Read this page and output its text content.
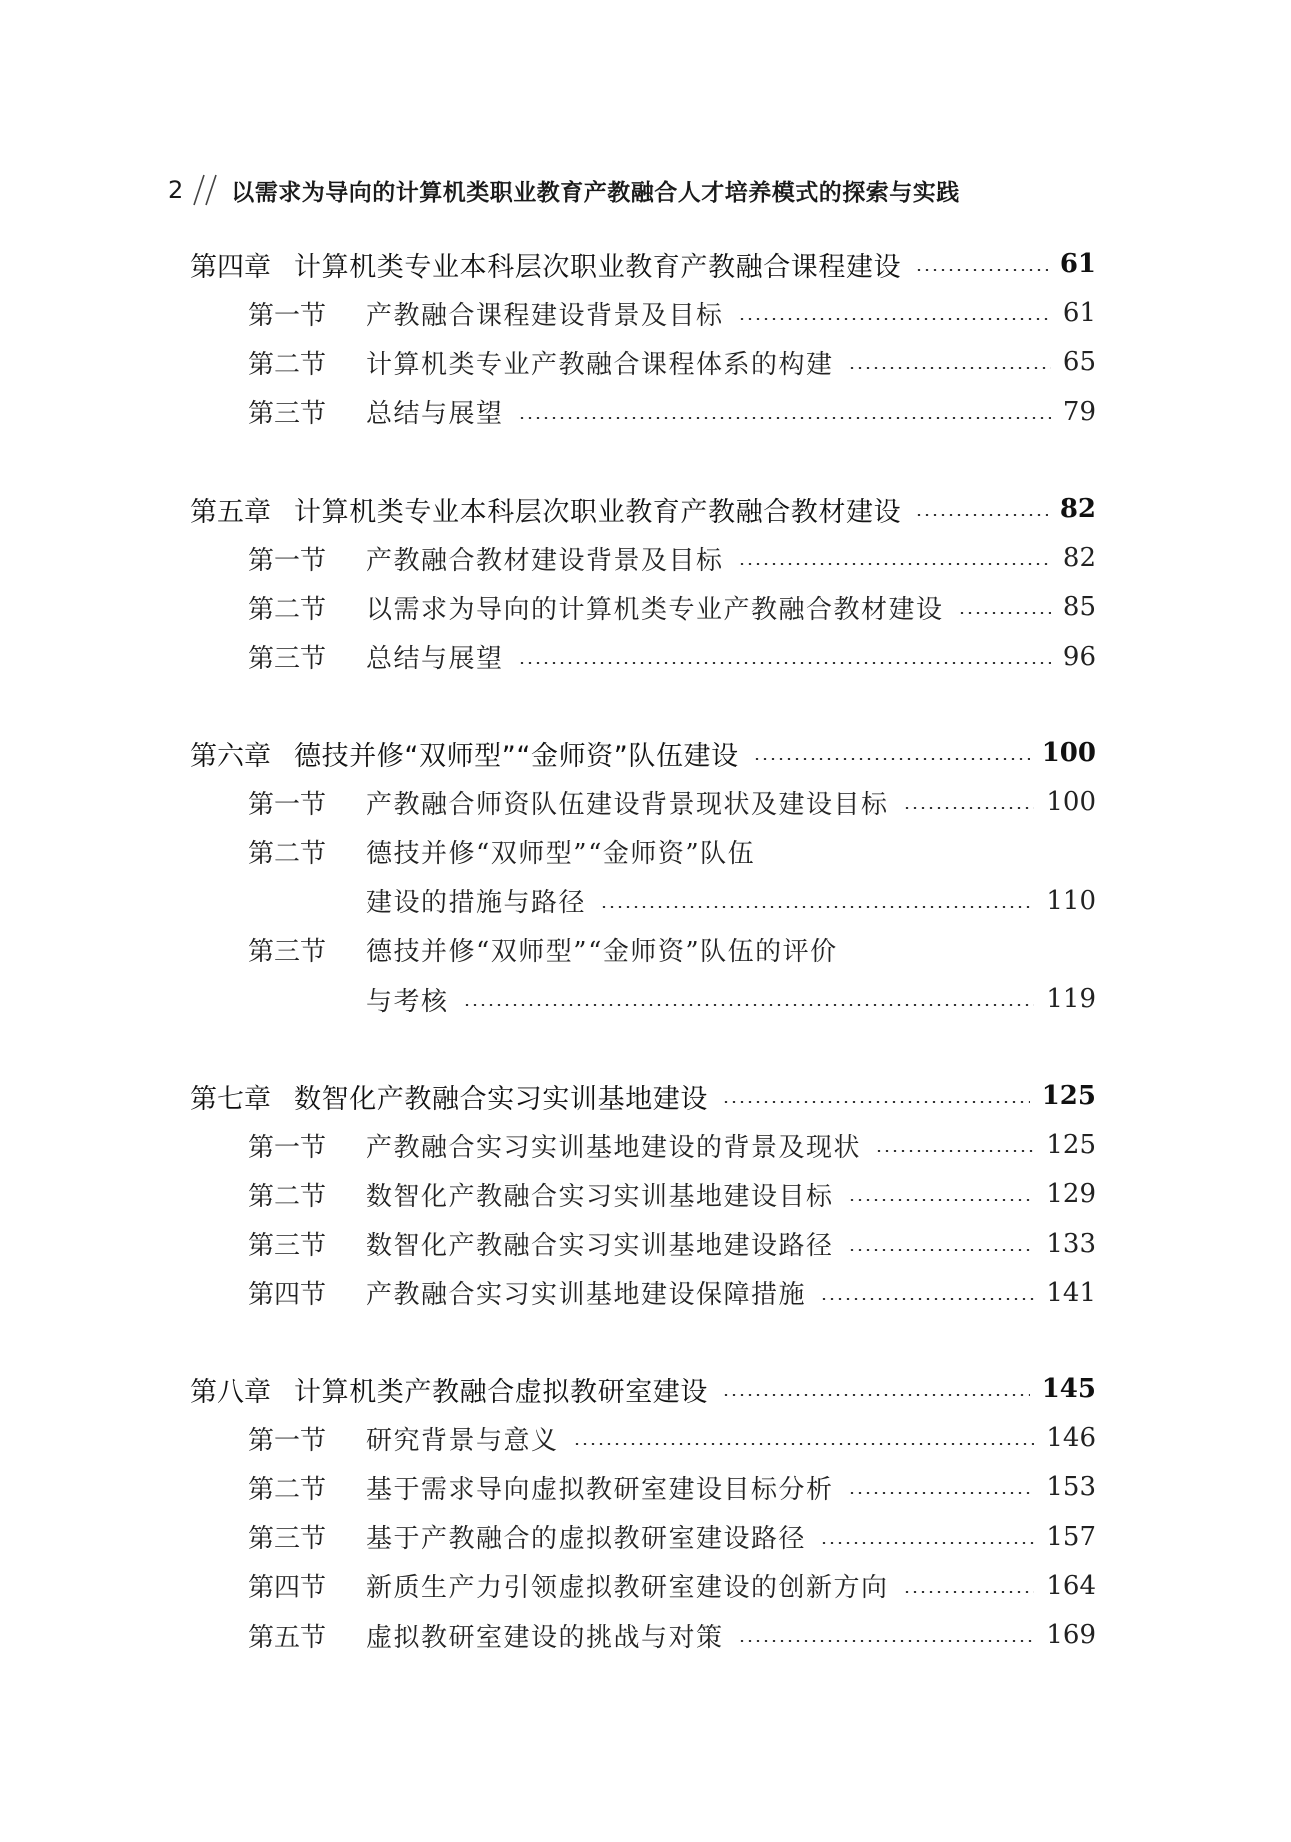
2 以需求为导向的计算机类职业教育产教融合人才培养模式的探索与实践
第四章 计算机类专业本科层次职业教育产教融合课程建设	61
第一节	产教融合课程建设背景及目标	61
第二节	计算机类专业产教融合课程体系的构建	65
第三节	总结与展望	79
第五章 计算机类专业本科层次职业教育产教融合教材建设	82
第一节	产教融合教材建设背景及目标	82
第二节	以需求为导向的计算机类专业产教融合教材建设	85
第三节	总结与展望	96
第六章 德技并修“双师型”“金师资”队伍建设	100
第一节	产教融合师资队伍建设背景现状及建设目标	100
第二节	德技并修“双师型”“金师资”队伍
建设的措施与路径	110
第三节	德技并修“双师型”“金师资”队伍的评价
与考核	119
第七章 数智化产教融合实习实训基地建设	125
第一节	产教融合实习实训基地建设的背景及现状	125
第二节	数智化产教融合实习实训基地建设目标	129
第三节	数智化产教融合实习实训基地建设路径	133
第四节	产教融合实习实训基地建设保障措施	141
第八章 计算机类产教融合虚拟教研室建设	145
第一节	研究背景与意义	146
第二节	基于需求导向虚拟教研室建设目标分析	153
第三节	基于产教融合的虚拟教研室建设路径	157
第四节	新质生产力引领虚拟教研室建设的创新方向	164
第五节	虚拟教研室建设的挑战与对策	169
